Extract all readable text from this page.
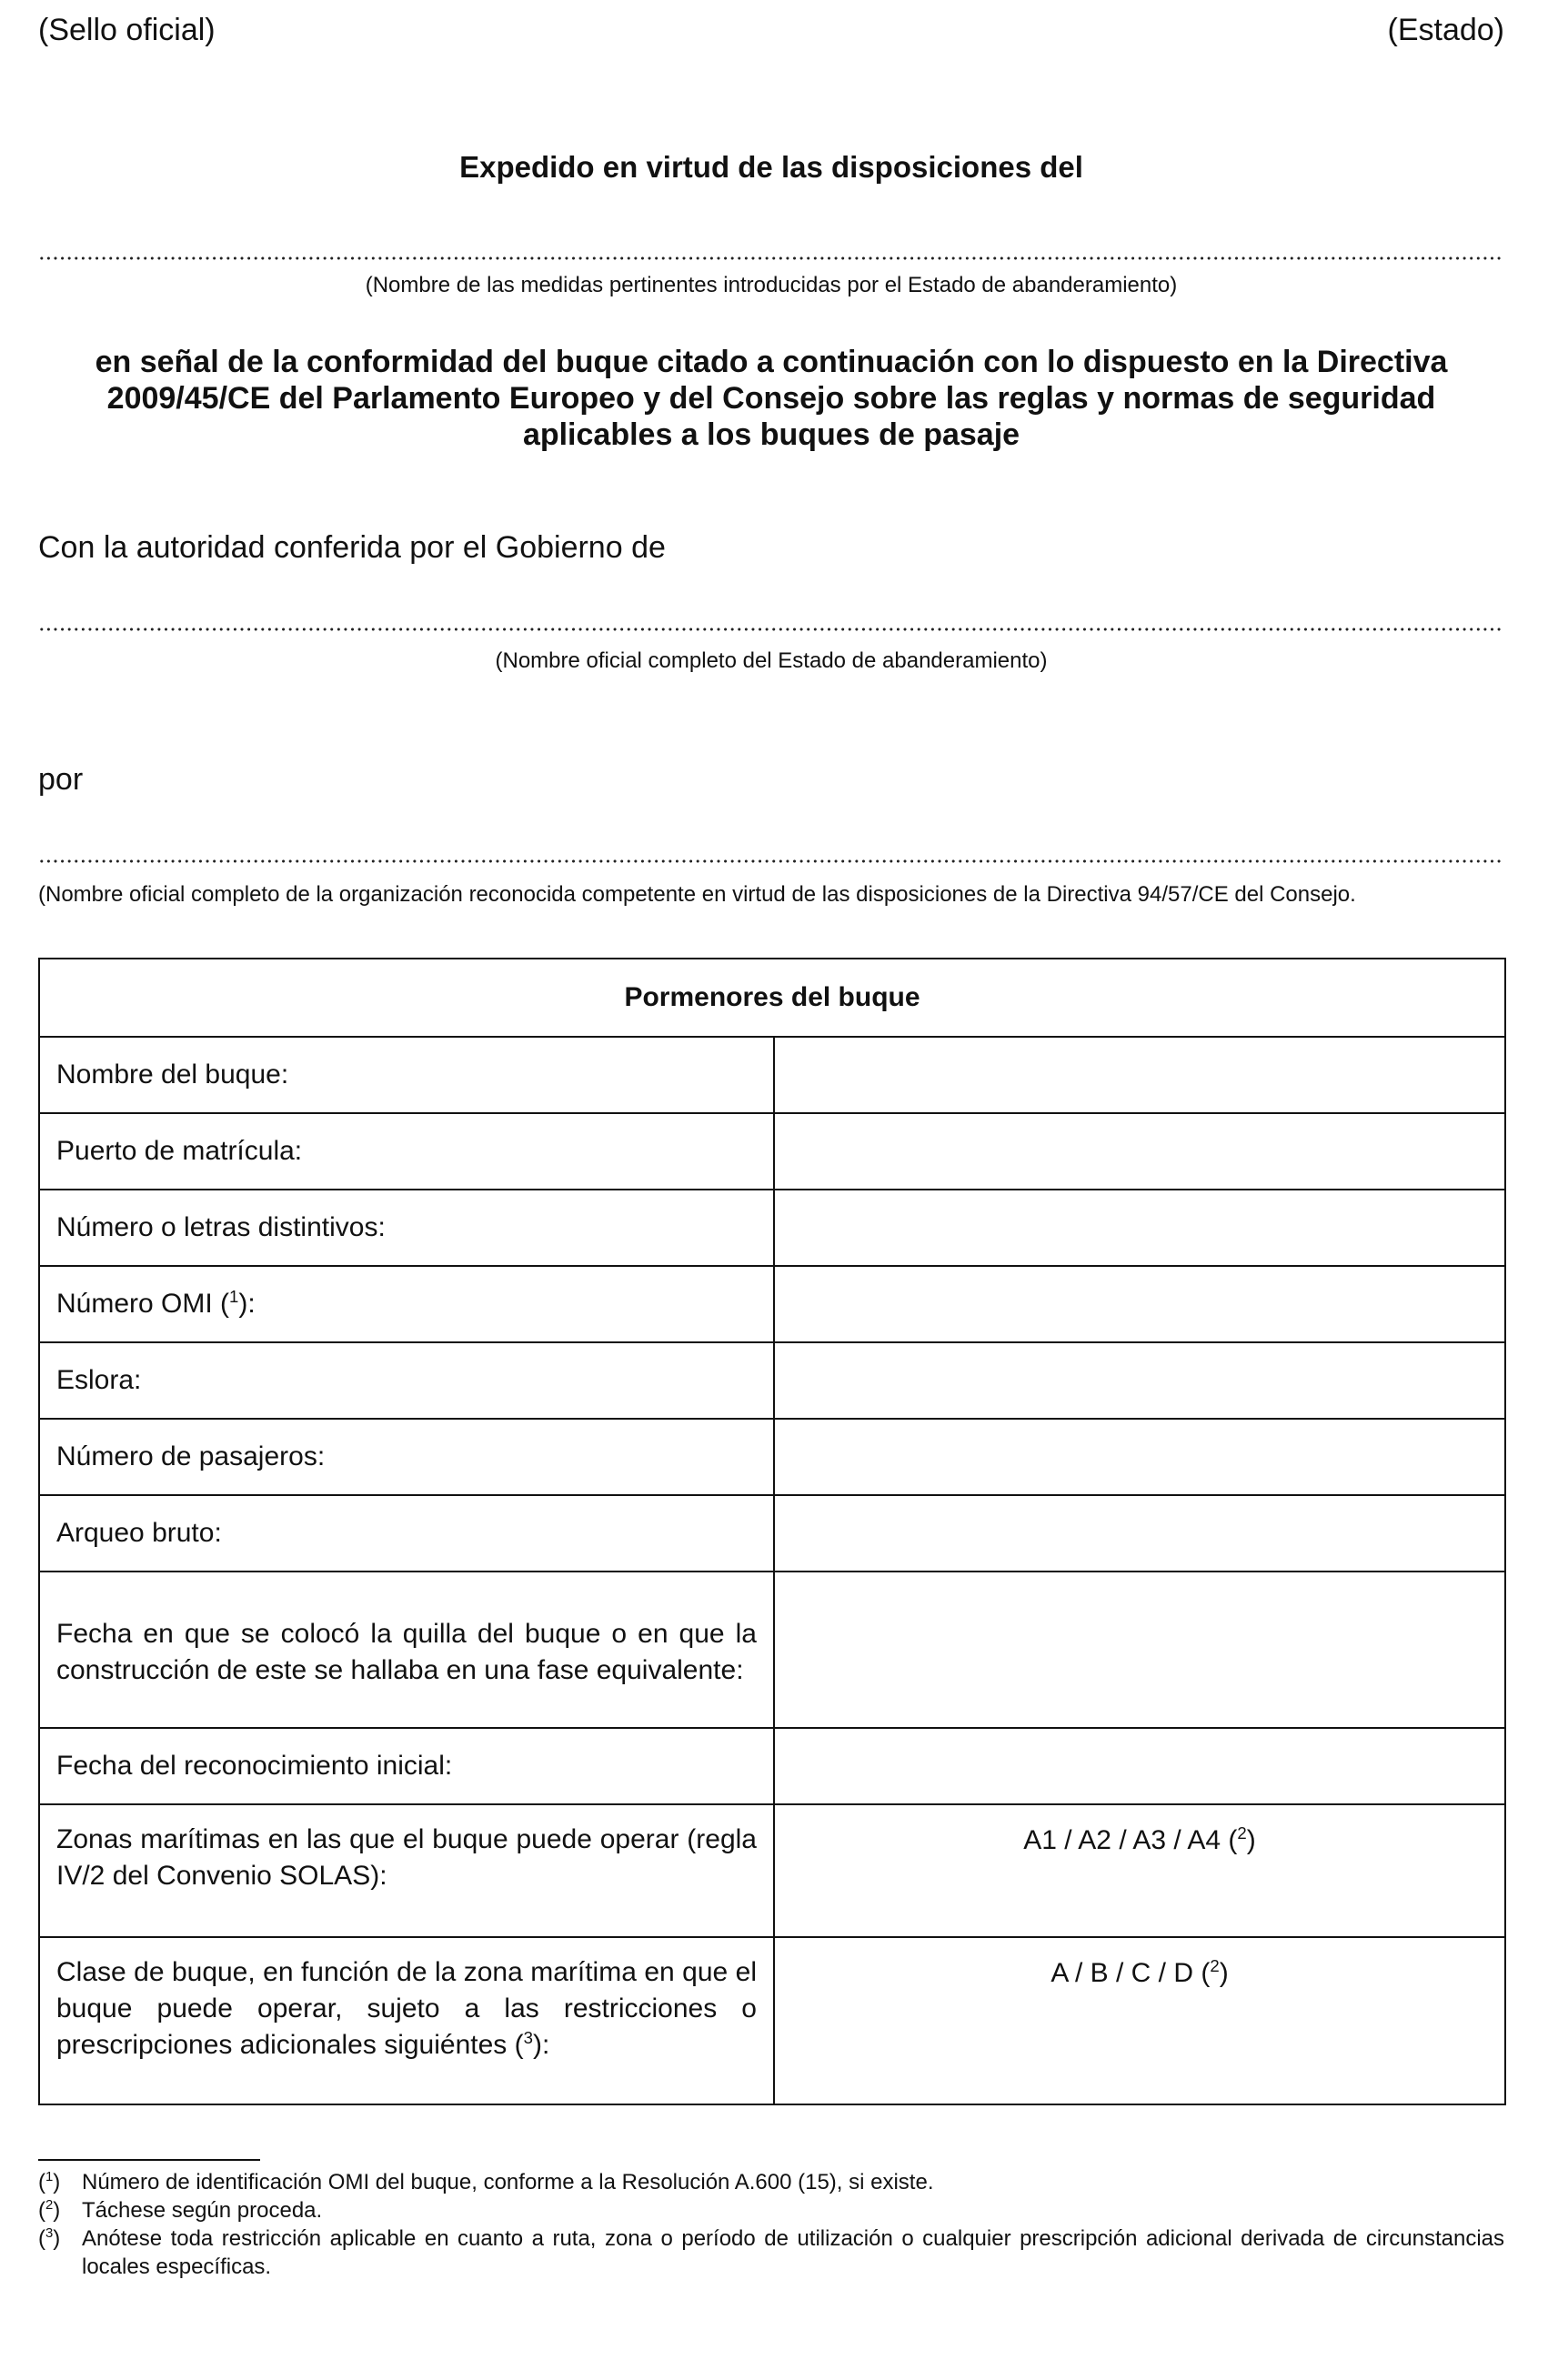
(Sello oficial)	(Estado)
Expedido en virtud de las disposiciones del
(Nombre de las medidas pertinentes introducidas por el Estado de abanderamiento)
en señal de la conformidad del buque citado a continuación con lo dispuesto en la Directiva
2009/45/CE del Parlamento Europeo y del Consejo sobre las reglas y normas de seguridad
aplicables a los buques de pasaje
Con la autoridad conferida por el Gobierno de
(Nombre oficial completo del Estado de abanderamiento)
por
(Nombre oficial completo de la organización reconocida competente en virtud de las disposiciones de la Directiva 94/57/CE del Consejo.
Pormenores del buque	
Nombre del buque:	
Puerto de matrícula:	
Número o letras distintivos:	
Número OMI ($^1$):	
Eslora:	
Número de pasajeros:	
Arqueo bruto:	
Fecha en que se colocó la quilla del buque o en que la construcción de este se hallaba en una fase equivalente:	
Fecha del reconocimiento inicial:	
Zonas marítimas en las que el buque puede operar (regla IV/2 del Convenio SOLAS):	A1 / A2 / A3 / A4 ($^2$)
Clase de buque, en función de la zona marítima en que el buque puede operar, sujeto a las restricciones o prescripciones adicionales siguiéntes ($^3$):	A / B / C / D ($^2$)
($^1$) Número de identificación OMI del buque, conforme a la Resolución A.600 (15), si existe.
($^2$) Táchese según proceda.
($^3$) Anótese toda restricción aplicable en cuanto a ruta, zona o período de utilización o cualquier prescripción adicional derivada de circunstancias locales específicas.
